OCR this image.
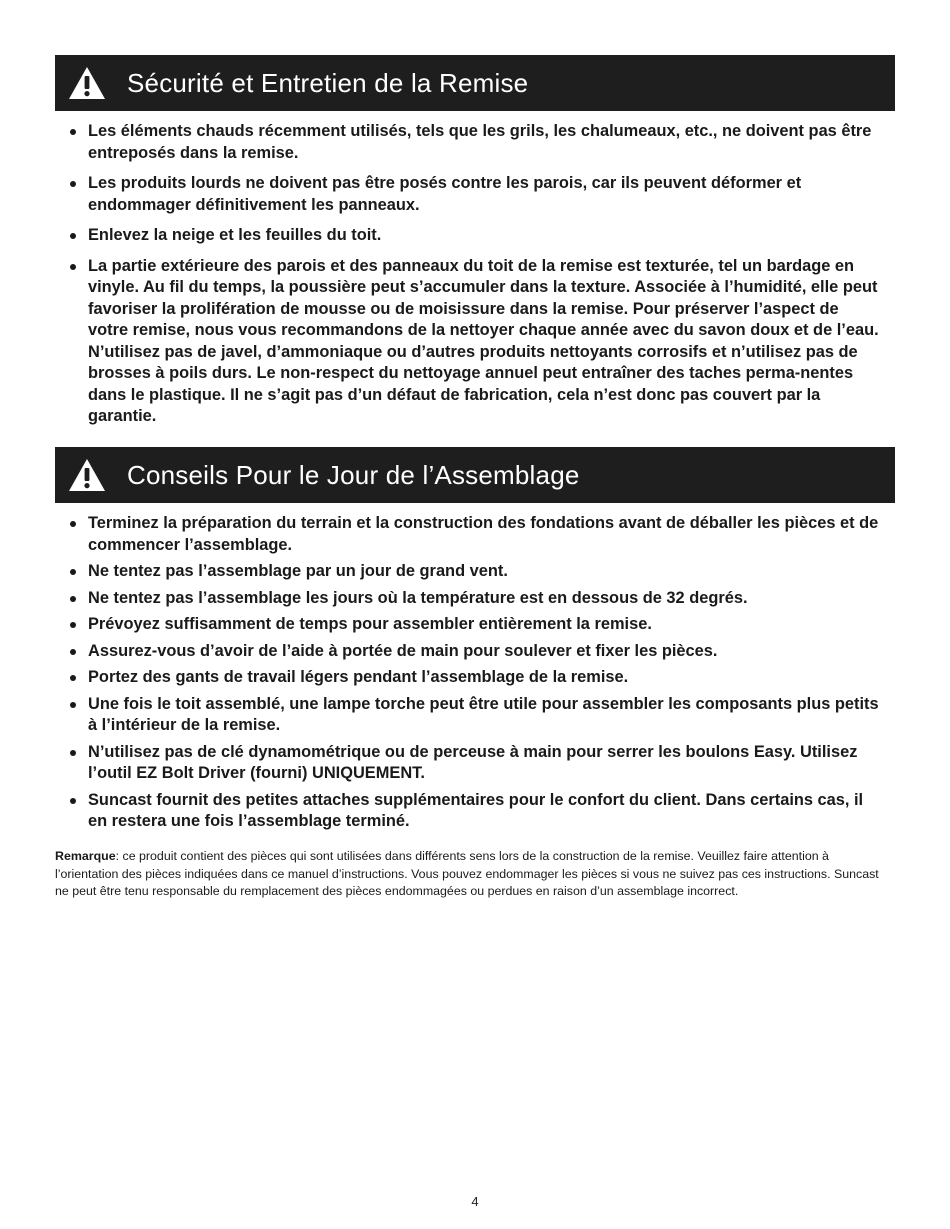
Sécurité et Entretien de la Remise
Les éléments chauds récemment utilisés, tels que les grils, les chalumeaux, etc., ne doivent pas être entreposés dans la remise.
Les produits lourds ne doivent pas être posés contre les parois, car ils peuvent déformer et endommager définitivement les panneaux.
Enlevez la neige et les feuilles du toit.
La partie extérieure des parois et des panneaux du toit de la remise est texturée, tel un bardage en vinyle. Au fil du temps, la poussière peut s’accumuler dans la texture. Associée à l’humidité, elle peut favoriser la prolifération de mousse ou de moisissure dans la remise. Pour préserver l’aspect de votre remise, nous vous recommandons de la nettoyer chaque année avec du savon doux et de l’eau. N’utilisez pas de javel, d’ammoniaque ou d’autres produits nettoyants corrosifs et n’utilisez pas de brosses à poils durs. Le non-respect du nettoyage annuel peut entraîner des taches perma-nentes dans le plastique. Il ne s’agit pas d’un défaut de fabrication, cela n’est donc pas couvert par la garantie.
Conseils Pour le Jour de l’Assemblage
Terminez la préparation du terrain et la construction des fondations avant de déballer les pièces et de commencer l’assemblage.
Ne tentez pas l’assemblage par un jour de grand vent.
Ne tentez pas l’assemblage les jours où la température est en dessous de 32 degrés.
Prévoyez suffisamment de temps pour assembler entièrement la remise.
Assurez-vous d’avoir de l’aide à portée de main pour soulever et fixer les pièces.
Portez des gants de travail légers pendant l’assemblage de la remise.
Une fois le toit assemblé, une lampe torche peut être utile pour assembler les composants plus petits à l’intérieur de la remise.
N’utilisez pas de clé dynamométrique ou de perceuse à main pour serrer les boulons Easy. Utilisez l’outil EZ Bolt Driver (fourni) UNIQUEMENT.
Suncast fournit des petites attaches supplémentaires pour le confort du client. Dans certains cas, il en restera une fois l’assemblage terminé.

Remarque: ce produit contient des pièces qui sont utilisées dans différents sens lors de la construction de la remise. Veuillez faire attention à l’orientation des pièces indiquées dans ce manuel d’instructions. Vous pouvez endommager les pièces si vous ne suivez pas ces instructions. Suncast ne peut être tenu responsable du remplacement des pièces endommagées ou perdues en raison d’un assemblage incorrect.

4
